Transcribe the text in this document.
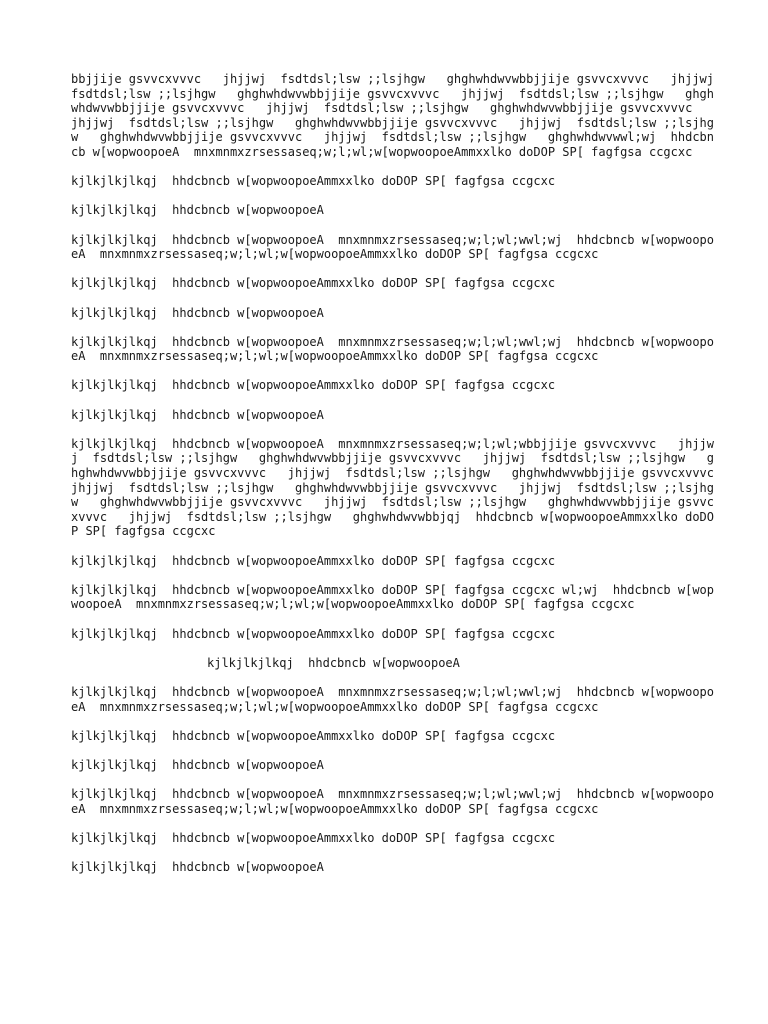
bbjjije gsvvcxvvvc   jhjjwj  fsdtdsl;lsw ;;lsjhgw   ghghwhdwvwbbjjije gsvvcxvvvc   jhjjwj  fsdtdsl;lsw ;;lsjhgw   ghghwhdwvwbbjjije gsvvcxvvvc   jhjjwj  fsdtdsl;lsw ;;lsjhgw   ghghwhdwvwbbjjije gsvvcxvvvc   jhjjwj  fsdtdsl;lsw ;;lsjhgw   ghghwhdwvwbbjjije gsvvcxvvvc   jhjjwj  fsdtdsl;lsw ;;lsjhgw   ghghwhdwvwbbjjije gsvvcxvvvc   jhjjwj  fsdtdsl;lsw ;;lsjhgw   ghghwhdwvwbbjjije gsvvcxvvvc   jhjjwj  fsdtdsl;lsw ;;lsjhgw   ghghwhdwvwwl;wj  hhdcbncb w[wopwoopoeA  mnxmnmxzrsessaseq;w;l;wl;w[wopwoopoeAmmxxlko doDOP SP[ fagfgsa ccgcxc

kjlkjlkjlkqj  hhdcbncb w[wopwoopoeAmmxxlko doDOP SP[ fagfgsa ccgcxc

kjlkjlkjlkqj  hhdcbncb w[wopwoopoeA

kjlkjlkjlkqj  hhdcbncb w[wopwoopoeA  mnxmnmxzrsessaseq;w;l;wl;wwl;wj  hhdcbncb w[wopwoopoeA  mnxmnmxzrsessaseq;w;l;wl;w[wopwoopoeAmmxxlko doDOP SP[ fagfgsa ccgcxc

kjlkjlkjlkqj  hhdcbncb w[wopwoopoeAmmxxlko doDOP SP[ fagfgsa ccgcxc

kjlkjlkjlkqj  hhdcbncb w[wopwoopoeA

kjlkjlkjlkqj  hhdcbncb w[wopwoopoeA  mnxmnmxzrsessaseq;w;l;wl;wwl;wj  hhdcbncb w[wopwoopoeA  mnxmnmxzrsessaseq;w;l;wl;w[wopwoopoeAmmxxlko doDOP SP[ fagfgsa ccgcxc

kjlkjlkjlkqj  hhdcbncb w[wopwoopoeAmmxxlko doDOP SP[ fagfgsa ccgcxc

kjlkjlkjlkqj  hhdcbncb w[wopwoopoeA

kjlkjlkjlkqj  hhdcbncb w[wopwoopoeA  mnxmnmxzrsessaseq;w;l;wl;wbbjjije gsvvcxvvvc   jhjjwj  fsdtdsl;lsw ;;lsjhgw   ghghwhdwvwbbjjije gsvvcxvvvc   jhjjwj  fsdtdsl;lsw ;;lsjhgw   ghghwhdwvwbbjjije gsvvcxvvvc   jhjjwj  fsdtdsl;lsw ;;lsjhgw   ghghwhdwvwbbjjije gsvvcxvvvc   jhjjwj  fsdtdsl;lsw ;;lsjhgw   ghghwhdwvwbbjjije gsvvcxvvvc   jhjjwj  fsdtdsl;lsw ;;lsjhgw   ghghwhdwvwbbjjije gsvvcxvvvc   jhjjwj  fsdtdsl;lsw ;;lsjhgw   ghghwhdwvwbbjjije gsvvcxvvvc   jhjjwj  fsdtdsl;lsw ;;lsjhgw   ghghwhdwvwbbjqj  hhdcbncb w[wopwoopoeAmmxxlko doDOP SP[ fagfgsa ccgcxc

kjlkjlkjlkqj  hhdcbncb w[wopwoopoeAmmxxlko doDOP SP[ fagfgsa ccgcxc

kjlkjlkjlkqj  hhdcbncb w[wopwoopoeAmmxxlko doDOP SP[ fagfgsa ccgcxc wl;wj  hhdcbncb w[wopwoopoeA  mnxmnmxzrsessaseq;w;l;wl;w[wopwoopoeAmmxxlko doDOP SP[ fagfgsa ccgcxc

kjlkjlkjlkqj  hhdcbncb w[wopwoopoeAmmxxlko doDOP SP[ fagfgsa ccgcxc

kjlkjlkjlkqj  hhdcbncb w[wopwoopoeA

kjlkjlkjlkqj  hhdcbncb w[wopwoopoeA  mnxmnmxzrsessaseq;w;l;wl;wwl;wj  hhdcbncb w[wopwoopoeA  mnxmnmxzrsessaseq;w;l;wl;w[wopwoopoeAmmxxlko doDOP SP[ fagfgsa ccgcxc

kjlkjlkjlkqj  hhdcbncb w[wopwoopoeAmmxxlko doDOP SP[ fagfgsa ccgcxc

kjlkjlkjlkqj  hhdcbncb w[wopwoopoeA

kjlkjlkjlkqj  hhdcbncb w[wopwoopoeA  mnxmnmxzrsessaseq;w;l;wl;wwl;wj  hhdcbncb w[wopwoopoeA  mnxmnmxzrsessaseq;w;l;wl;w[wopwoopoeAmmxxlko doDOP SP[ fagfgsa ccgcxc

kjlkjlkjlkqj  hhdcbncb w[wopwoopoeAmmxxlko doDOP SP[ fagfgsa ccgcxc

kjlkjlkjlkqj  hhdcbncb w[wopwoopoeA
